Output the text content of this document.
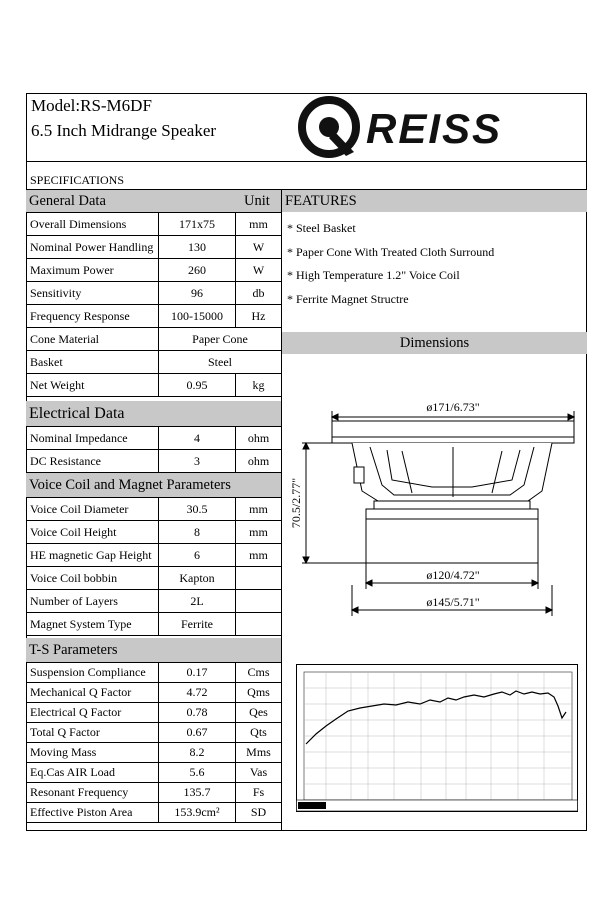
Model:RS-M6DF
6.5 Inch Midrange Speaker	REISS
SPECIFICATIONS
General Data	Unit
Overall Dimensions	171x75	mm
Nominal Power Handling	130	W
Maximum Power	260	W
Sensitivity	96	db
Frequency Response	100-15000	Hz
Cone Material	Paper Cone	
Basket	Steel	
Net Weight	0.95	kg
Electrical Data
Nominal Impedance	4	ohm
DC Resistance	3	ohm
Voice Coil and Magnet Parameters
Voice Coil Diameter	30.5	mm
Voice Coil Height	8	mm
HE magnetic Gap Height	6	mm
Voice Coil bobbin	Kapton	
Number of Layers	2L	
Magnet System Type	Ferrite	
T-S Parameters
Suspension Compliance	0.17	Cms
Mechanical Q Factor	4.72	Qms
Electrical Q Factor	0.78	Qes
Total Q Factor	0.67	Qts
Moving Mass	8.2	Mms
Eq.Cas AIR Load	5.6	Vas
Resonant Frequency	135.7	Fs
Effective Piston Area	153.9cm²	SD
FEATURES
* Steel Basket
* Paper Cone With Treated Cloth Surround
* High Temperature 1.2" Voice Coil
* Ferrite Magnet Structre
Dimensions
ø171/6.73"
ø120/4.72"
ø145/5.71"
70.5/2.77"
